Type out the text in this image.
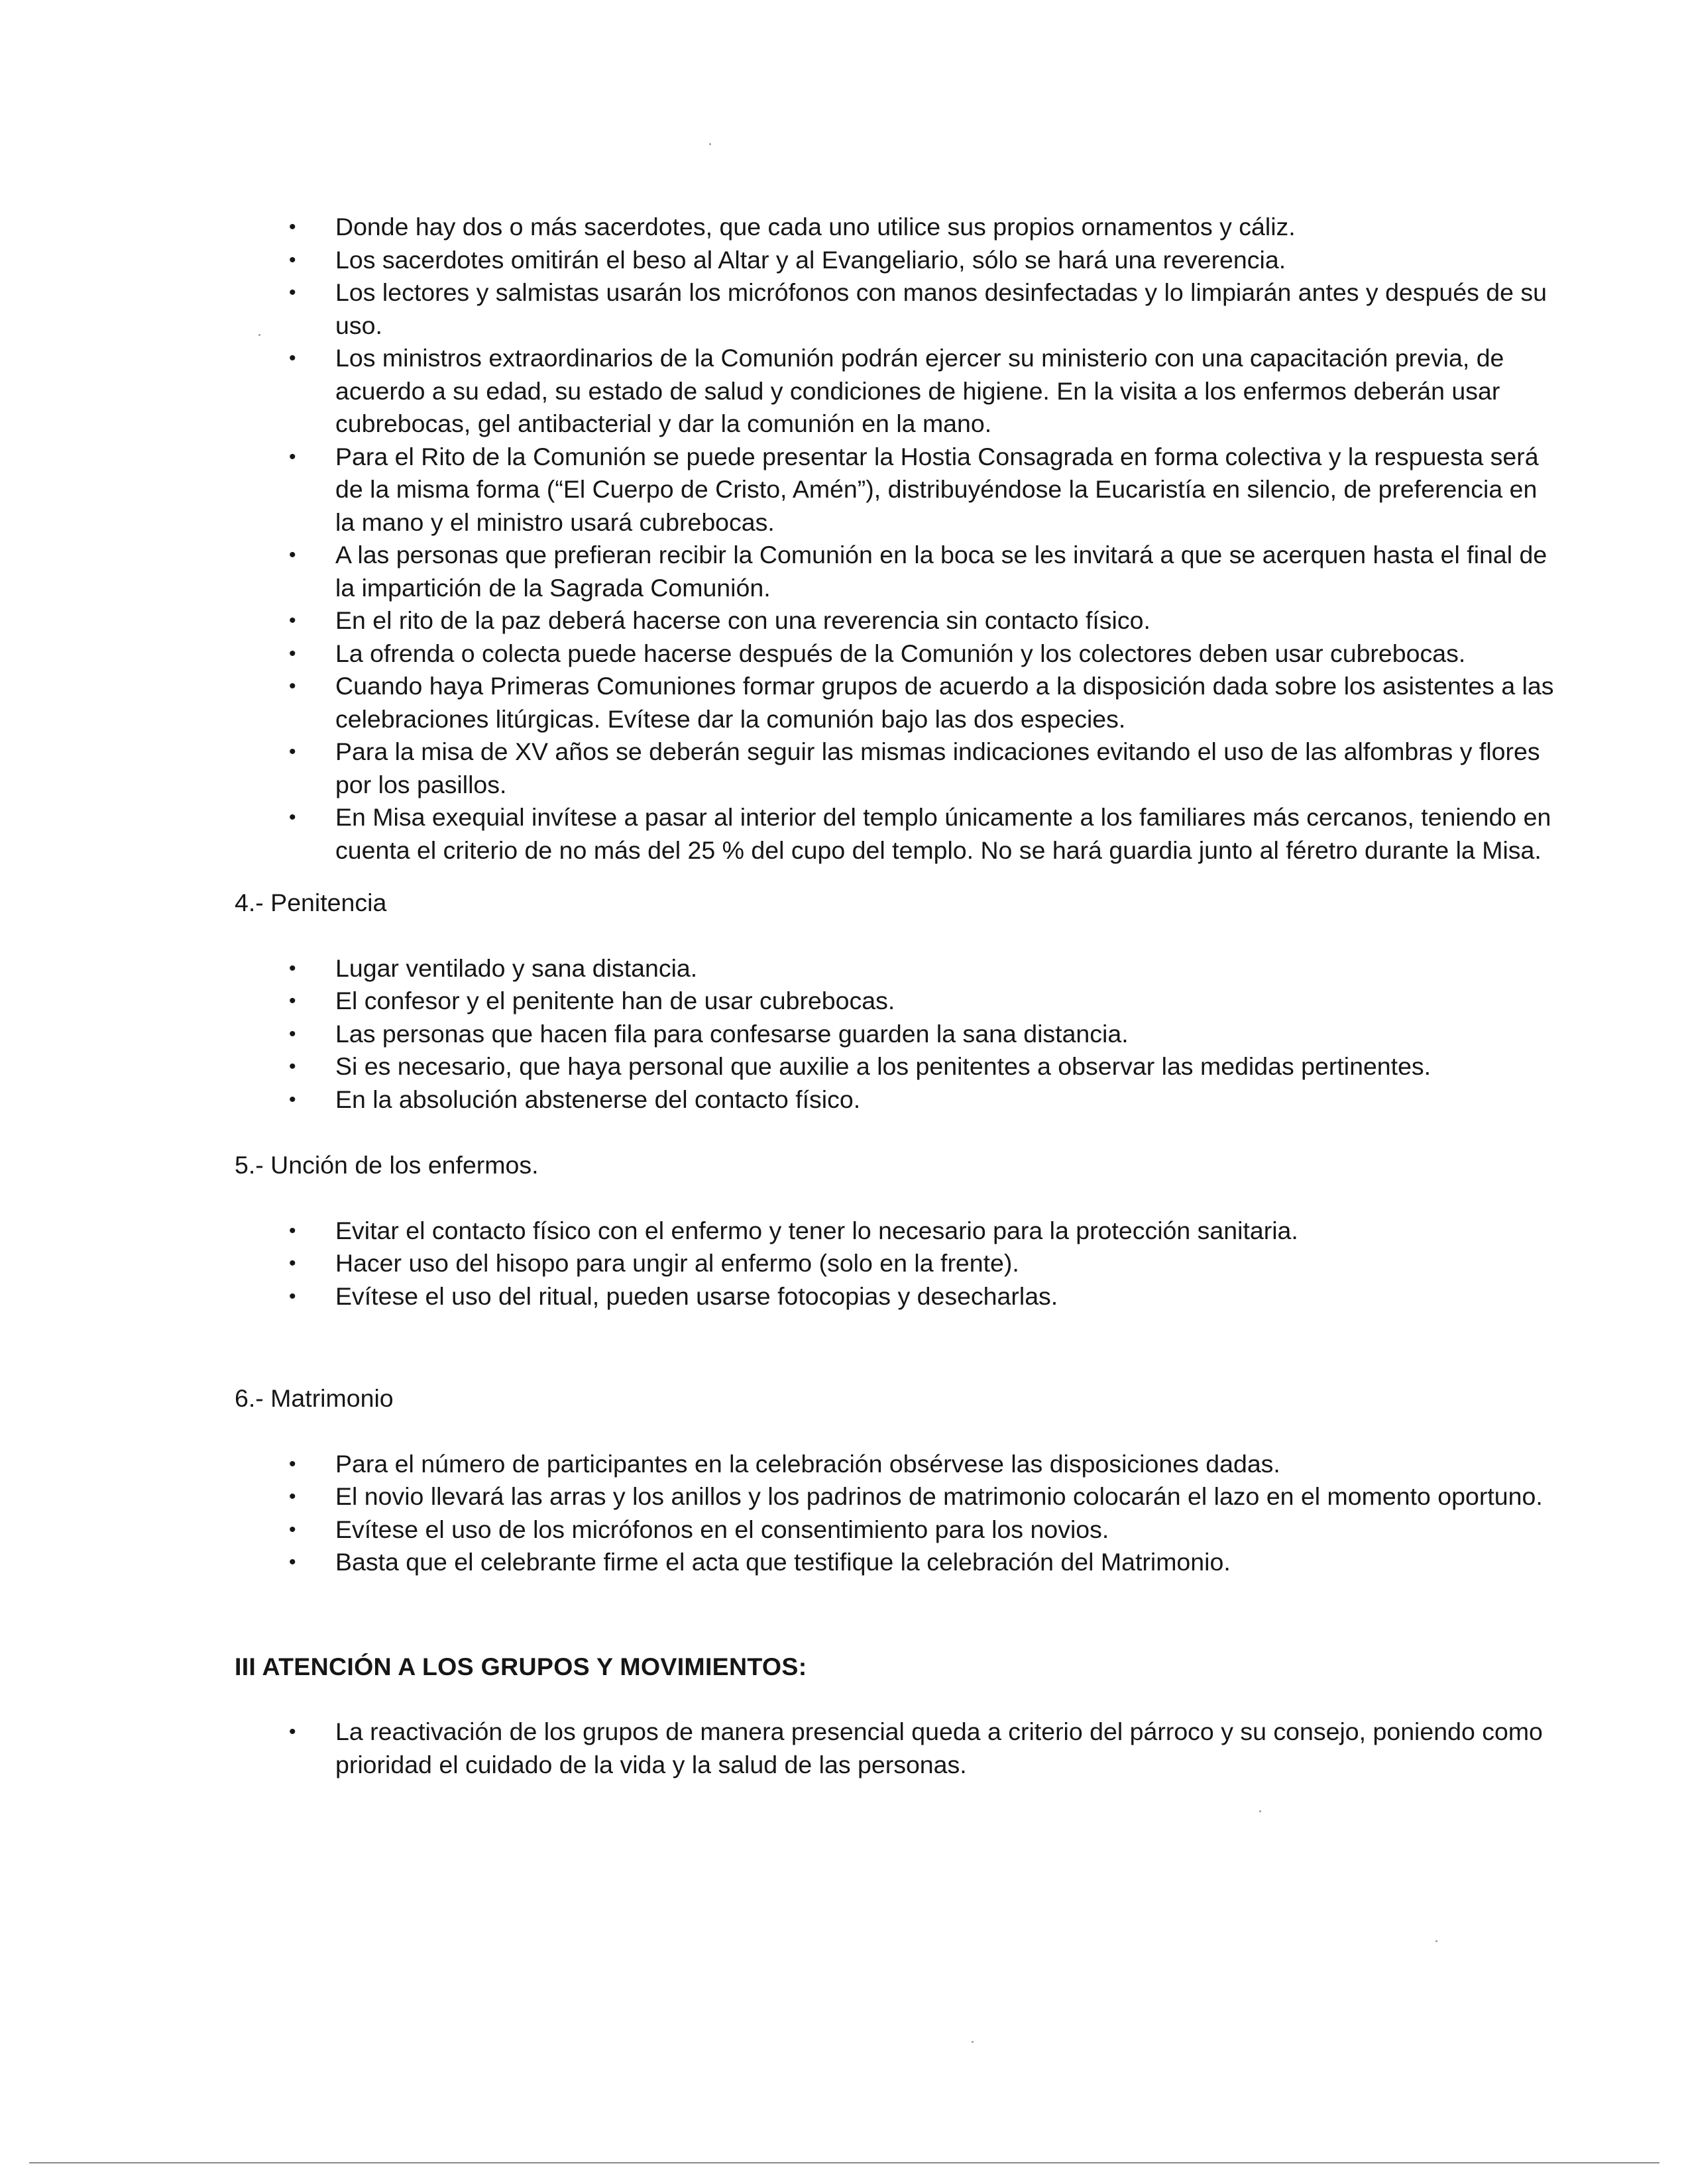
• Donde hay dos o más sacerdotes, que cada uno utilice sus propios ornamentos y cáliz.
• Los sacerdotes omitirán el beso al Altar y al Evangeliario, sólo se hará una reverencia.
• Los lectores y salmistas usarán los micrófonos con manos desinfectadas y lo limpiarán antes y después de su uso.
• Los ministros extraordinarios de la Comunión podrán ejercer su ministerio con una capacitación previa, de acuerdo a su edad, su estado de salud y condiciones de higiene. En la visita a los enfermos deberán usar cubrebocas, gel antibacterial y dar la comunión en la mano.
• Para el Rito de la Comunión se puede presentar la Hostia Consagrada en forma colectiva y la respuesta será de la misma forma (“El Cuerpo de Cristo, Amén”), distribuyéndose la Eucaristía en silencio, de preferencia en la mano y el ministro usará cubrebocas.
• A las personas que prefieran recibir la Comunión en la boca se les invitará a que se acerquen hasta el final de la impartición de la Sagrada Comunión.
• En el rito de la paz deberá hacerse con una reverencia sin contacto físico.
• La ofrenda o colecta puede hacerse después de la Comunión y los colectores deben usar cubrebocas.
• Cuando haya Primeras Comuniones formar grupos de acuerdo a la disposición dada sobre los asistentes a las celebraciones litúrgicas. Evítese dar la comunión bajo las dos especies.
• Para la misa de XV años se deberán seguir las mismas indicaciones evitando el uso de las alfombras y flores por los pasillos.
• En Misa exequial invítese a pasar al interior del templo únicamente a los familiares más cercanos, teniendo en cuenta el criterio de no más del 25 % del cupo del templo. No se hará guardia junto al féretro durante la Misa.
4.- Penitencia
• Lugar ventilado y sana distancia.
• El confesor y el penitente han de usar cubrebocas.
• Las personas que hacen fila para confesarse guarden la sana distancia.
• Si es necesario, que haya personal que auxilie a los penitentes a observar las medidas pertinentes.
• En la absolución abstenerse del contacto físico.
5.- Unción de los enfermos.
• Evitar el contacto físico con el enfermo y tener lo necesario para la protección sanitaria.
• Hacer uso del hisopo para ungir al enfermo (solo en la frente).
• Evítese el uso del ritual, pueden usarse fotocopias y desecharlas.
6.- Matrimonio
• Para el número de participantes en la celebración obsérvese las disposiciones dadas.
• El novio llevará las arras y los anillos y los padrinos de matrimonio colocarán el lazo en el momento oportuno.
• Evítese el uso de los micrófonos en el consentimiento para los novios.
• Basta que el celebrante firme el acta que testifique la celebración del Matrimonio.
III ATENCIÓN A LOS GRUPOS Y MOVIMIENTOS:
• La reactivación de los grupos de manera presencial queda a criterio del párroco y su consejo, poniendo como prioridad el cuidado de la vida y la salud de las personas.
